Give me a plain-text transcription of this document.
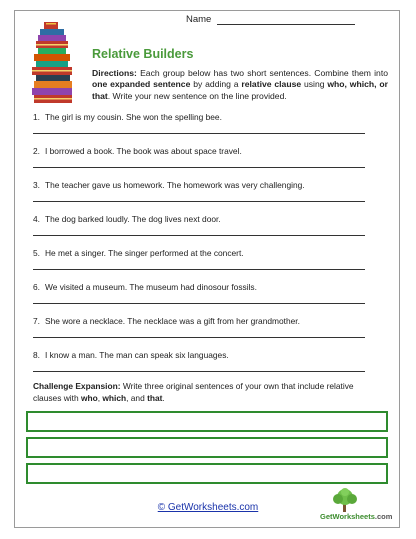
Name
Relative Builders
Directions: Each group below has two short sentences. Combine them into one expanded sentence by adding a relative clause using who, which, or that. Write your new sentence on the line provided.
1. The girl is my cousin. She won the spelling bee.
2. I borrowed a book. The book was about space travel.
3. The teacher gave us homework. The homework was very challenging.
4. The dog barked loudly. The dog lives next door.
5. He met a singer. The singer performed at the concert.
6. We visited a museum. The museum had dinosour fossils.
7. She wore a necklace. The necklace was a gift from her grandmother.
8. I know a man. The man can speak six languages.
Challenge Expansion: Write three original sentences of your own that include relative clauses with who, which, and that.
© GetWorksheets.com
GetWorksheets.com
